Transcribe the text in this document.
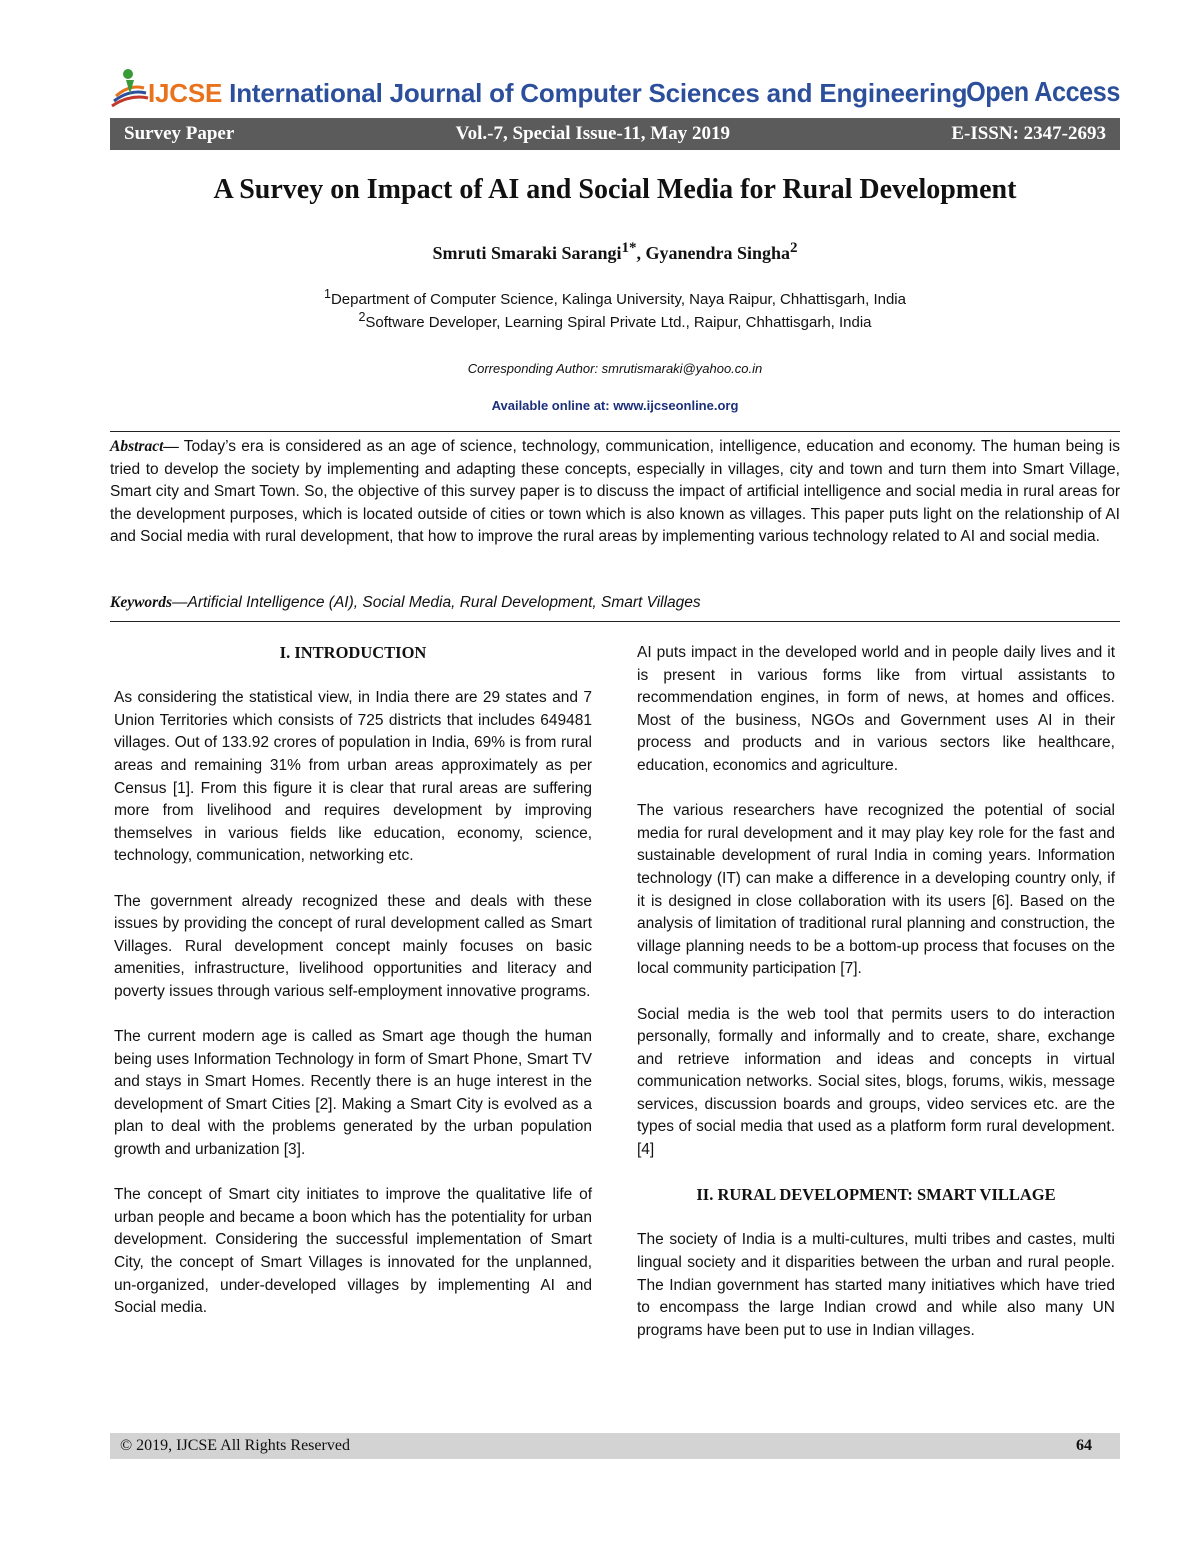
IJCSE International Journal of Computer Sciences and Engineering
Open Access
Survey Paper	Vol.-7, Special Issue-11, May 2019	E-ISSN: 2347-2693
A Survey on Impact of AI and Social Media for Rural Development
Smruti Smaraki Sarangi$^{1*}$, Gyanendra Singha$^2$
$^1$Department of Computer Science, Kalinga University, Naya Raipur, Chhattisgarh, India
$^2$Software Developer, Learning Spiral Private Ltd., Raipur, Chhattisgarh, India
Corresponding Author: smrutismaraki@yahoo.co.in
Available online at: www.ijcseonline.org
Abstract— Today’s era is considered as an age of science, technology, communication, intelligence, education and economy. The human being is tried to develop the society by implementing and adapting these concepts, especially in villages, city and town and turn them into Smart Village, Smart city and Smart Town. So, the objective of this survey paper is to discuss the impact of artificial intelligence and social media in rural areas for the development purposes, which is located outside of cities or town which is also known as villages. This paper puts light on the relationship of AI and Social media with rural development, that how to improve the rural areas by implementing various technology related to AI and social media.
Keywords—Artificial Intelligence (AI), Social Media, Rural Development, Smart Villages
I. INTRODUCTION

As considering the statistical view, in India there are 29 states and 7 Union Territories which consists of 725 districts that includes 649481 villages. Out of 133.92 crores of population in India, 69% is from rural areas and remaining 31% from urban areas approximately as per Census [1]. From this figure it is clear that rural areas are suffering more from livelihood and requires development by improving themselves in various fields like education, economy, science, technology, communication, networking etc.

The government already recognized these and deals with these issues by providing the concept of rural development called as Smart Villages. Rural development concept mainly focuses on basic amenities, infrastructure, livelihood opportunities and literacy and poverty issues through various self-employment innovative programs.

The current modern age is called as Smart age though the human being uses Information Technology in form of Smart Phone, Smart TV and stays in Smart Homes. Recently there is an huge interest in the development of Smart Cities [2]. Making a Smart City is evolved as a plan to deal with the problems generated by the urban population growth and urbanization [3].

The concept of Smart city initiates to improve the qualitative life of urban people and became a boon which has the potentiality for urban development. Considering the successful implementation of Smart City, the concept of Smart Villages is innovated for the unplanned, un-organized, under-developed villages by implementing AI and Social media.

AI puts impact in the developed world and in people daily lives and it is present in various forms like from virtual assistants to recommendation engines, in form of news, at homes and offices. Most of the business, NGOs and Government uses AI in their process and products and in various sectors like healthcare, education, economics and agriculture.

The various researchers have recognized the potential of social media for rural development and it may play key role for the fast and sustainable development of rural India in coming years. Information technology (IT) can make a difference in a developing country only, if it is designed in close collaboration with its users [6]. Based on the analysis of limitation of traditional rural planning and construction, the village planning needs to be a bottom-up process that focuses on the local community participation [7].

Social media is the web tool that permits users to do interaction personally, formally and informally and to create, share, exchange and retrieve information and ideas and concepts in virtual communication networks. Social sites, blogs, forums, wikis, message services, discussion boards and groups, video services etc. are the types of social media that used as a platform form rural development. [4]

II. RURAL DEVELOPMENT: SMART VILLAGE

The society of India is a multi-cultures, multi tribes and castes, multi lingual society and it disparities between the urban and rural people. The Indian government has started many initiatives which have tried to encompass the large Indian crowd and while also many UN programs have been put to use in Indian villages.

© 2019, IJCSE All Rights Reserved	64
